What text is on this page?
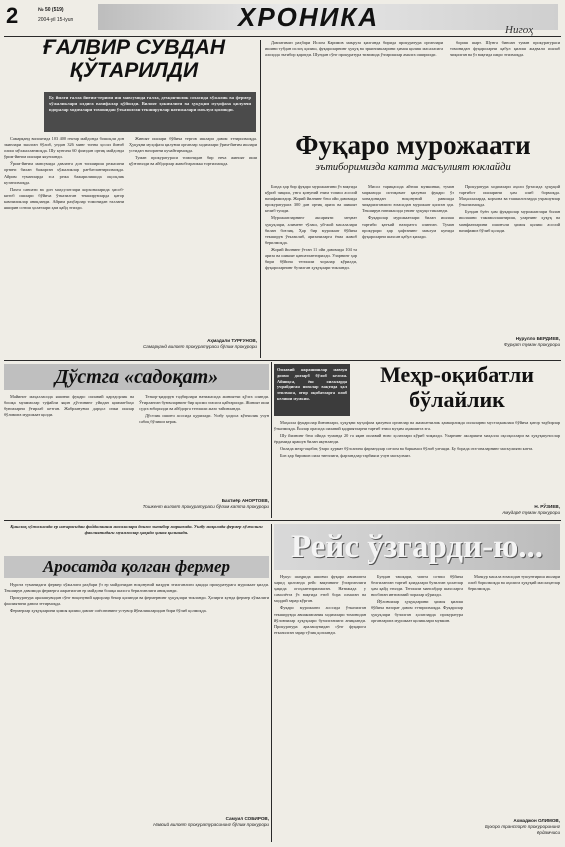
2	№ 50 (519)
2004-yil 15-iyun	ХРОНИКА	Нигоҳ
ҒАЛВИР СУВДАН
ҚЎТАРИЛДИ
Бу йилги ғалла йиғим-терими иш мавсумида ғалла, дехқончилик сохасида хўжалик ва фермер хўжаликлари олдига вазифалар қўйилди. Вилоят ҳокимлиги ва ҳуқуқни муҳофаза қилувчи идоралар ходимлари томонидан ўтказилган текширувлар натижалари маълум қилинди.

Самарқанд вилоятида 103 400 гектар майдонда бошоқли дон экинлари экилган бўлиб, ундан 326 минг тонна ҳосил йиғиб олиш мўлжалланмоқда. Шу кунгача 60 фоиздан ортиқ майдонда ўрим-йиғим ишлари якунланди.

Ўрим-йиғим мавсумида давлатга дон топшириш режасини ортиғи билан бажарган хўжаликлар рағбатлантирилмоқда. Айрим туманларда эса режа бажарилишида оқсоқлик кузатилмоқда.

Пахта саноати ва дон маҳсулотлари корхоналарида ҳисоб-китоб ишлари бўйича ўтказилган текширувларда қатор камчиликлар аниқланди. Айрим раҳбарлар томонидан ғаллани яширин сотиш ҳолатлари ҳам қайд этилди.

Жиноят ишлари бўйича тергов ишлари давом эттирилмоқда. Ҳуқуқни муҳофаза қилувчи органлар ходимлари ўрим-йиғим ишлари устидан назоратни кучайтирмоқда.

Туман прокуратураси томонидан бир неча жиноят иши қўзғатилди ва айбдорлар жавобгарликка тортилмоқда.

Аҳмадали ТУРҒУНОВ,
Самарқанд вилоят прокуратураси бўлим прокурори

Давлатимиз раҳбари Ислом Каримов маъруза қилганда бирида прокуратура органлари ишини тубдан ислоҳ қилиш, фуқароларнинг ҳуқуқ ва эркинликларини ҳимоя қилиш масаласига алоҳида эътибор қаратди. Шундан сўнг прокуратура тизимида ўзгаришлар амалга оширилди.

бориш шарт. Шунга биноан туман прокуратураси томонидан фуқароларни қабул қилиш жадвали ишлаб чиқилган ва ўз вақтида ижро этилмоқда.

Фуқаро мурожаати
эътиборимизда катта масъулият юклайди

Бизда ҳар бир фуқаро мурожаатини ўз вақтида кўриб чиқиш, унга қонуний ечим топиш асосий вазифамиздир. Жорий йилнинг беш ойи давомида прокуратурага 300 дан ортиқ ариза ва шикоят келиб тушди.

Мурожаатларнинг аксарияти меҳнат ҳуқуқлари, алимент тўлаш, уй-жой масалалари билан боғлиқ. Ҳар бир мурожаат бўйича текширув ўтказилиб, аризачиларга ёзма жавоб берилмоқда.

Жорий йилнинг ўтган 11 ойи давомида 104 та ариза ва шикоят қаноатлантирилди. Уларнинг ҳар бири бўйича тегишли чоралар кўрилди, фуқароларнинг бузилган ҳуқуқлари тикланди.

Мисол тариқасида айтиш мумкинки, туман марказида истиқомат қилувчи фуқаро ўз хонадонидан ноқонуний равишда чиқарилганлиги юзасидан мурожаат қилган эди. Текширув натижасида унинг ҳуқуқи тикланди.

Фуқаролар мурожаатлари билан ишлаш тартиби қатъий назоратга олинган. Туман прокурори ҳар ҳафтанинг маълум кунида фуқароларни шахсан қабул қилади.

Прокуратура ходимлари аҳоли ўртасида ҳуқуқий тарғибот ишларини ҳам олиб бормоқда. Маҳаллаларда, корхона ва ташкилотларда учрашувлар ўтказилмоқда.

Бундан буён ҳам фуқаролар мурожаатлари билан ишлашни такомиллаштириш, уларнинг ҳуқуқ ва манфаатларини ишончли ҳимоя қилиш асосий вазифамиз бўлиб қолади.

Нурулло БЕРДИЕВ,
Фурқат туман прокурори
Дўстга «садоқат»

Майинот маҳалласида яшовчи фуқаро оилавий қарздорлик ва бошқа муаммолар туфайли яқин дўстининг уйидан қимматбаҳо буюмларни ўғирлаб кетган. Жабрланувчи дарҳол ички ишлар бўлимига мурожаат қилди.

Тезкор-қидирув тадбирлари натижасида жиноятчи қўлга олинди. Ўғирланган буюмларнинг бир қисми эгасига қайтарилди. Жиноят иши судга юборилди ва айбдорга тегишли жазо тайинланди.

Дўстлик ишонч асосида қурилади. Ушбу ҳодиса кўпчилик учун сабоқ бўлиши керак.

Бахтиёр АНОРТОЕВ,
Тошкент вилоят прокуратураси бўлим катта прокурори
Оилавий ажрашишлар мавзуи доимо долзарб бўлиб келган. Айниқса, ёш оилаларда учрайдиган низолар вақтида ҳал этилмаса, оғир оқибатларга олиб келиши мумкин.
Меҳр-оқибатли
бўлайлик

Маҳалла фуқаролар йиғинлари, ҳуқуқни муҳофаза қилувчи органлар ва жамоатчилик ҳамкорликда оилаларни мустаҳкамлаш бўйича қатор тадбирлар ўтказмоқда. Ёшлар орасида оилавий қадриятларни тарғиб этиш муҳим аҳамиятга эга.

Шу йилнинг беш ойида туманда 20 га яқин оилавий низо ҳолатлари кўриб чиқилди. Уларнинг аксарияти маҳалла оқсоқоллари ва ҳуқуқшунослар ёрдамида ярашув билан якунланди.

Оилада меҳр-оқибат, ўзаро ҳурмат бўлсагина фарзандлар соғлом ва баркамол бўлиб улғаяди. Бу борада ота-оналарнинг масъулияти катта.

Биз ҳар биримиз оила тинчлиги, фарзандлар тарбияси учун масъулмиз.

Н. РЎЗИЕВ,
Амударё туман прокурори
Рейс ўзгарди-ю...

Нукус шаҳрида яшовчи фуқаро авиачипта харид қилганда рейс вақтининг ўзгарганлиги ҳақида огоҳлантирилмаган. Натижада у самолётга ўз вақтида етиб бора олмаган ва моддий зарар кўрган.

Фуқаро мурожаати асосида ўтказилган текширувда авиакомпания ходимлари томонидан йўловчилар ҳуқуқлари бузилганлиги аниқланди. Прокуратура аралашувидан сўнг фуқарога етказилган зарар тўлиқ қопланди.

Бундан ташқари, чипта сотиш бўйича белгиланган тартиб қоидалари бузилган ҳолатлар ҳам қайд этилди. Тегишли мансабдор шахсларга нисбатан интизомий чоралар кўрилди.

Йўловчилар ҳуқуқларини ҳимоя қилиш бўйича назорат давом эттирилмоқда. Фуқаролар ҳуқуқлари бузилган ҳолатларда прокуратура органларига мурожаат қилишлари мумкин.

Мазкур масала юзасидан тушунтириш ишлари олиб борилмоқда ва аҳолига ҳуқуқий маслаҳатлар берилмоқда.

Ахмаджон ОЛИМОВ,
Бухоро транспорт прокурорининг ёрдамчиси
Қишлоқ хўжалигида ер ижарасидан фойдаланиш масалалари доимо эътибор марказида. Ушбу мақолада фермер хўжалиги фаолиятидаги муаммолар ҳақида ҳикоя қилинади.
Аросатда қолган фермер

Нурота туманидаги фермер хўжалиги раҳбари ўз ер майдонидан ноқонуний маҳрум этилганлиги ҳақида прокуратурага мурожаат қилди. Текширув давомида фермерга ажратилган ер майдони бошқа шахсга берилганлиги аниқланди.

Прокуратура аралашувидан сўнг ноқонуний қарорлар бекор қилинди ва фермернинг ҳуқуқлари тикланди. Ҳозирги кунда фермер хўжалиги фаолиятини давом эттирмоқда.

Фермерлар ҳуқуқларини ҳимоя қилиш давлат сиёсатининг устувор йўналишларидан бири бўлиб қолмоқда.

Самуил СОБИРОВ,
Навоий вилоят прокуратурасининг бўлим прокурори
